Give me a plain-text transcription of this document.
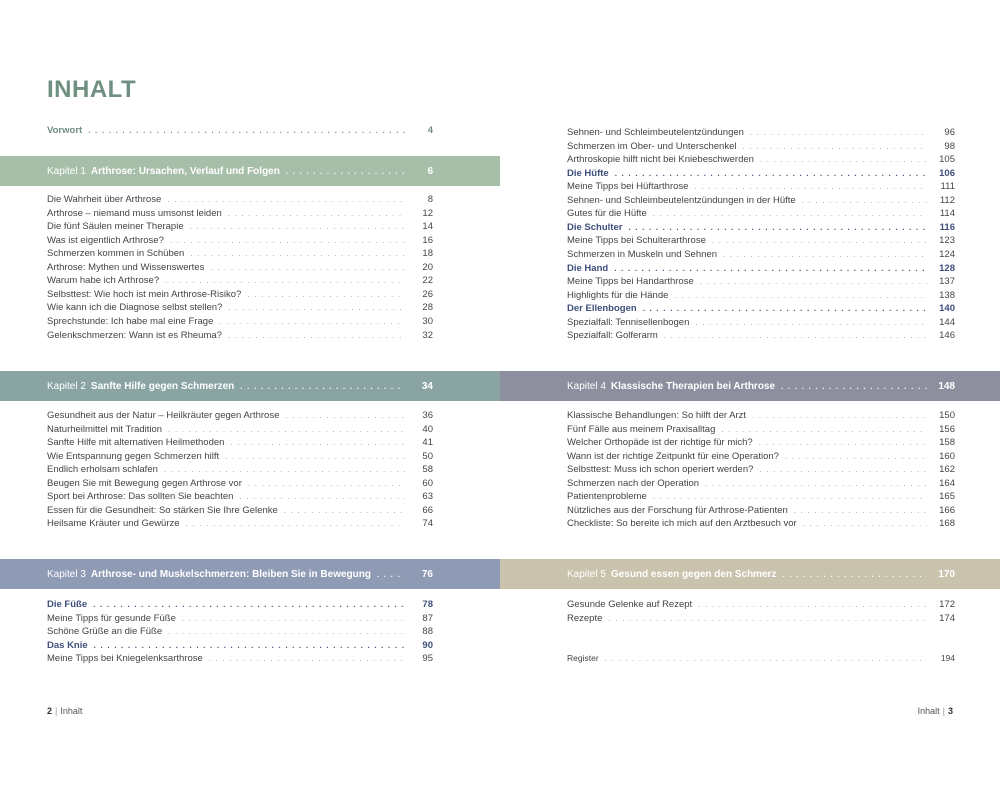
INHALT
Vorwort . . .	4
Kapitel 1 Arthrose: Ursachen, Verlauf und Folgen . . .	6
Die Wahrheit über Arthrose . . .	8
Arthrose – niemand muss umsonst leiden . . .	12
Die fünf Säulen meiner Therapie . . .	14
Was ist eigentlich Arthrose? . . .	16
Schmerzen kommen in Schüben . . .	18
Arthrose: Mythen und Wissenswertes . . .	20
Warum habe ich Arthrose? . . .	22
Selbsttest: Wie hoch ist mein Arthrose-Risiko? . . .	26
Wie kann ich die Diagnose selbst stellen? . . .	28
Sprechstunde: Ich habe mal eine Frage . . .	30
Gelenkschmerzen: Wann ist es Rheuma? . . .	32
Kapitel 2 Sanfte Hilfe gegen Schmerzen . . .	34
Gesundheit aus der Natur – Heilkräuter gegen Arthrose . . .	36
Naturheilmittel mit Tradition . . .	40
Sanfte Hilfe mit alternativen Heilmethoden . . .	41
Wie Entspannung gegen Schmerzen hilft . . .	50
Endlich erholsam schlafen . . .	58
Beugen Sie mit Bewegung gegen Arthrose vor . . .	60
Sport bei Arthrose: Das sollten Sie beachten . . .	63
Essen für die Gesundheit: So stärken Sie Ihre Gelenke . . .	66
Heilsame Kräuter und Gewürze . . .	74
Kapitel 3 Arthrose- und Muskelschmerzen: Bleiben Sie in Bewegung . . .	76
Die Füße . . .	78
Meine Tipps für gesunde Füße . . .	87
Schöne Grüße an die Füße . . .	88
Das Knie . . .	90
Meine Tipps bei Kniegelenksarthrose . . .	95
2 | Inhalt
Sehnen- und Schleimbeutelentzündungen . . .	96
Schmerzen im Ober- und Unterschenkel . . .	98
Arthroskopie hilft nicht bei Kniebeschwerden . . .	105
Die Hüfte . . .	106
Meine Tipps bei Hüftarthrose . . .	111
Sehnen- und Schleimbeutelentzündungen in der Hüfte . . .	112
Gutes für die Hüfte . . .	114
Die Schulter . . .	116
Meine Tipps bei Schulterarthrose . . .	123
Schmerzen in Muskeln und Sehnen . . .	124
Die Hand . . .	128
Meine Tipps bei Handarthrose . . .	137
Highlights für die Hände . . .	138
Der Ellenbogen . . .	140
Spezialfall: Tennisellenbogen . . .	144
Spezialfall: Golferarm . . .	146
Kapitel 4 Klassische Therapien bei Arthrose . . .	148
Klassische Behandlungen: So hilft der Arzt . . .	150
Fünf Fälle aus meinem Praxisalltag . . .	156
Welcher Orthopäde ist der richtige für mich? . . .	158
Wann ist der richtige Zeitpunkt für eine Operation? . . .	160
Selbsttest: Muss ich schon operiert werden? . . .	162
Schmerzen nach der Operation . . .	164
Patientenprobleme . . .	165
Nützliches aus der Forschung für Arthrose-Patienten . . .	166
Checkliste: So bereite ich mich auf den Arztbesuch vor . . .	168
Kapitel 5 Gesund essen gegen den Schmerz . . .	170
Gesunde Gelenke auf Rezept . . .	172
Rezepte . . .	174
Register . . .	194
Inhalt | 3
